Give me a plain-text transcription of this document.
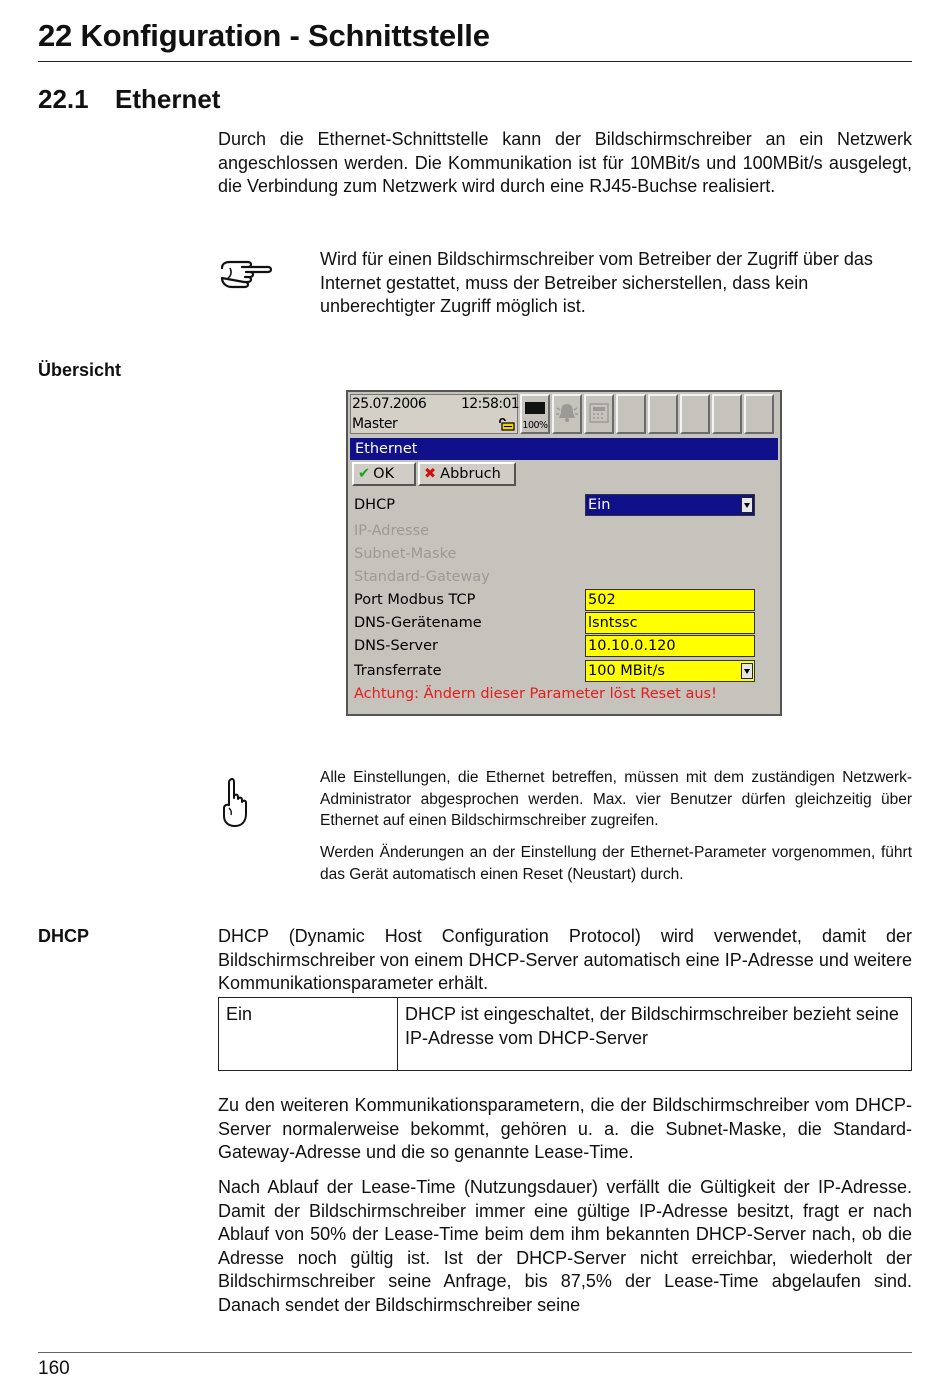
22 Konfiguration - Schnittstelle
22.1 Ethernet

Durch die Ethernet-Schnittstelle kann der Bildschirmschreiber an ein Netzwerk angeschlossen werden. Die Kommunikation ist für 10MBit/s und 100MBit/s ausgelegt, die Verbindung zum Netzwerk wird durch eine RJ45-Buchse realisiert.

Wird für einen Bildschirmschreiber vom Betreiber der Zugriff über das Internet gestattet, muss der Betreiber sicherstellen, dass kein unberechtigter Zugriff möglich ist.
Übersicht
25.07.2006 12:58:01
Master	100%
Ethernet
✔ OK	✖ Abbruch
DHCP	Ein
IP-Adresse
Subnet-Maske
Standard-Gateway
Port Modbus TCP	502
DNS-Gerätename	lsntssc
DNS-Server	10.10.0.120
Transferrate	100 MBit/s
Achtung: Ändern dieser Parameter löst Reset aus!

Alle Einstellungen, die Ethernet betreffen, müssen mit dem zuständigen Netzwerk-Administrator abgesprochen werden. Max. vier Benutzer dürfen gleichzeitig über Ethernet auf einen Bildschirmschreiber zugreifen.

Werden Änderungen an der Einstellung der Ethernet-Parameter vorgenommen, führt das Gerät automatisch einen Reset (Neustart) durch.

DHCP	DHCP (Dynamic Host Configuration Protocol) wird verwendet, damit der Bildschirmschreiber von einem DHCP-Server automatisch eine IP-Adresse und weitere Kommunikationsparameter erhält.

Ein	DHCP ist eingeschaltet, der Bildschirmschreiber bezieht seine IP-Adresse vom DHCP-Server

Zu den weiteren Kommunikationsparametern, die der Bildschirmschreiber vom DHCP-Server normalerweise bekommt, gehören u. a. die Subnet-Maske, die Standard-Gateway-Adresse und die so genannte Lease-Time.

Nach Ablauf der Lease-Time (Nutzungsdauer) verfällt die Gültigkeit der IP-Adresse. Damit der Bildschirmschreiber immer eine gültige IP-Adresse besitzt, fragt er nach Ablauf von 50% der Lease-Time beim dem ihm bekannten DHCP-Server nach, ob die Adresse noch gültig ist. Ist der DHCP-Server nicht erreichbar, wiederholt der Bildschirmschreiber seine Anfrage, bis 87,5% der Lease-Time abgelaufen sind. Danach sendet der Bildschirmschreiber seine

160
